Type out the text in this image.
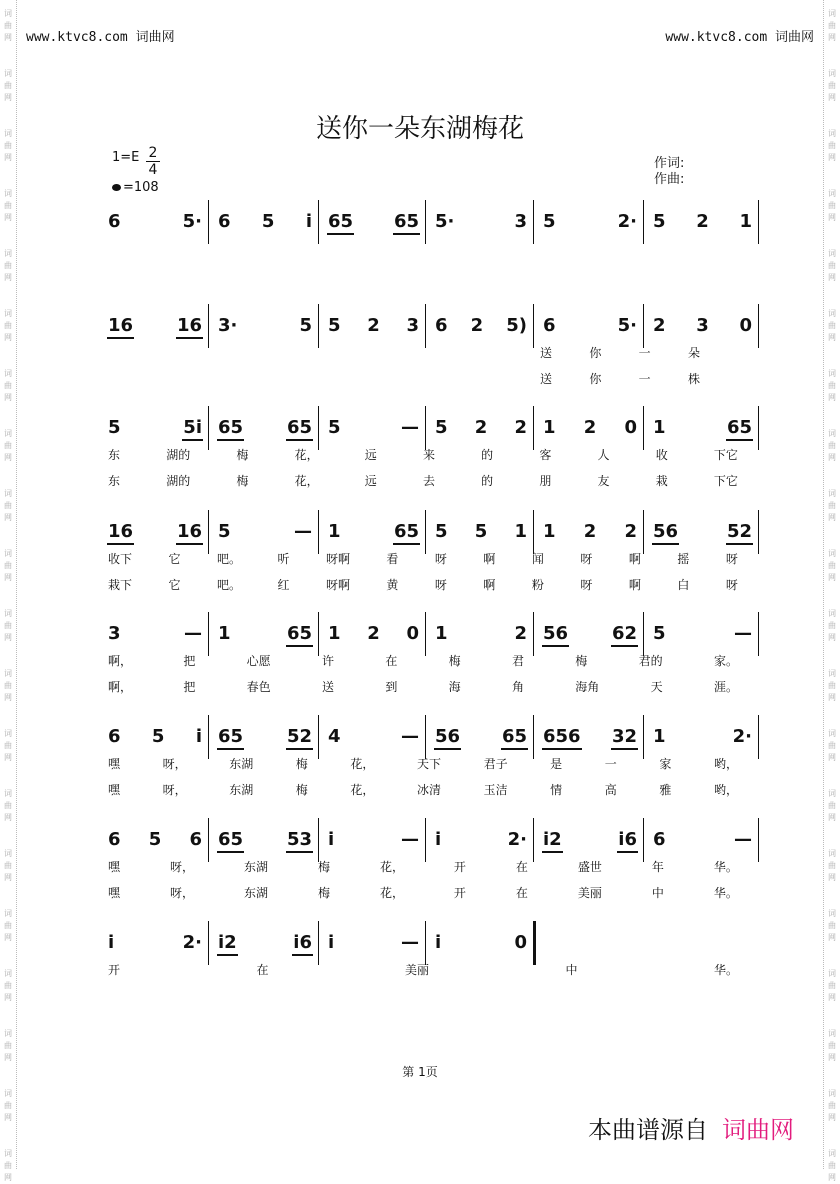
词
曲
网
词
曲
网
词
曲
网
词
曲
网
词
曲
网
词
曲
网
词
曲
网
词
曲
网
词
曲
网
词
曲
网
词
曲
网
词
曲
网
词
曲
网
词
曲
网
词
曲
网
词
曲
网
词
曲
网
词
曲
网
词
曲
网
词
曲
网
词
曲
网
词
曲
网
词
曲
网
词
曲
网
词
曲
网
词
曲
网
词
曲
网
词
曲
网
词
曲
网
词
曲
网
词
曲
网
词
曲
网
词
曲
网
词
曲
网
词
曲
网
词
曲
网
词
曲
网
词
曲
网
词
曲
网
词
曲
网
www.ktvc8.com 词曲网	www.ktvc8.com 词曲网
送你一朵东湖梅花
1=E 2
4
=108
作词:
作曲:
6	5· 6 5 i 65 65 5·	3 5	2· 5 2 1
16 16 3·	5 5 2 3 6 2 5) 6	5· 2 3 0
送	你	一	朵
送	你	一	株
5	5i 65 65 5	— 5 2 2 1 2 0 1	65
东	湖的	梅	花，	远	来	的	客	人	收	下它
东	湖的	梅	花，	远	去	的	朋	友	栽	下它
16 16 5	— 1	65 5 5 1 1 2 2 56	52
收下	它	吧。	听	呀啊	看	呀	啊	闻	呀	啊	摇	呀
栽下	它	吧。	红	呀啊	黄	呀	啊	粉	呀	啊	白	呀
3	— 1	65 1 2 0 1	2 56 62 5	—
啊，	把	心愿	许	在	梅	君	梅	君的	家。
啊，	把	春色	送	到	海	角	海角	天	涯。
6 5 i 65 52 4	— 56 65 656 32 1	2·
嘿	呀，	东湖	梅	花，	天下	君子	是	一	家	哟，
嘿	呀，	东湖	梅	花，	冰清	玉洁	情	高	雅	哟，
6 5 6 65 53 i	— i	2· i2	i6 6	—
嘿	呀，	东湖	梅	花，	开	在	盛世	年	华。
嘿	呀，	东湖	梅	花，	开	在	美丽	中	华。
i	2· i2	i6 i	— i	0
开	在	美丽	中	华。
第 1页
本曲谱源自 词曲网
